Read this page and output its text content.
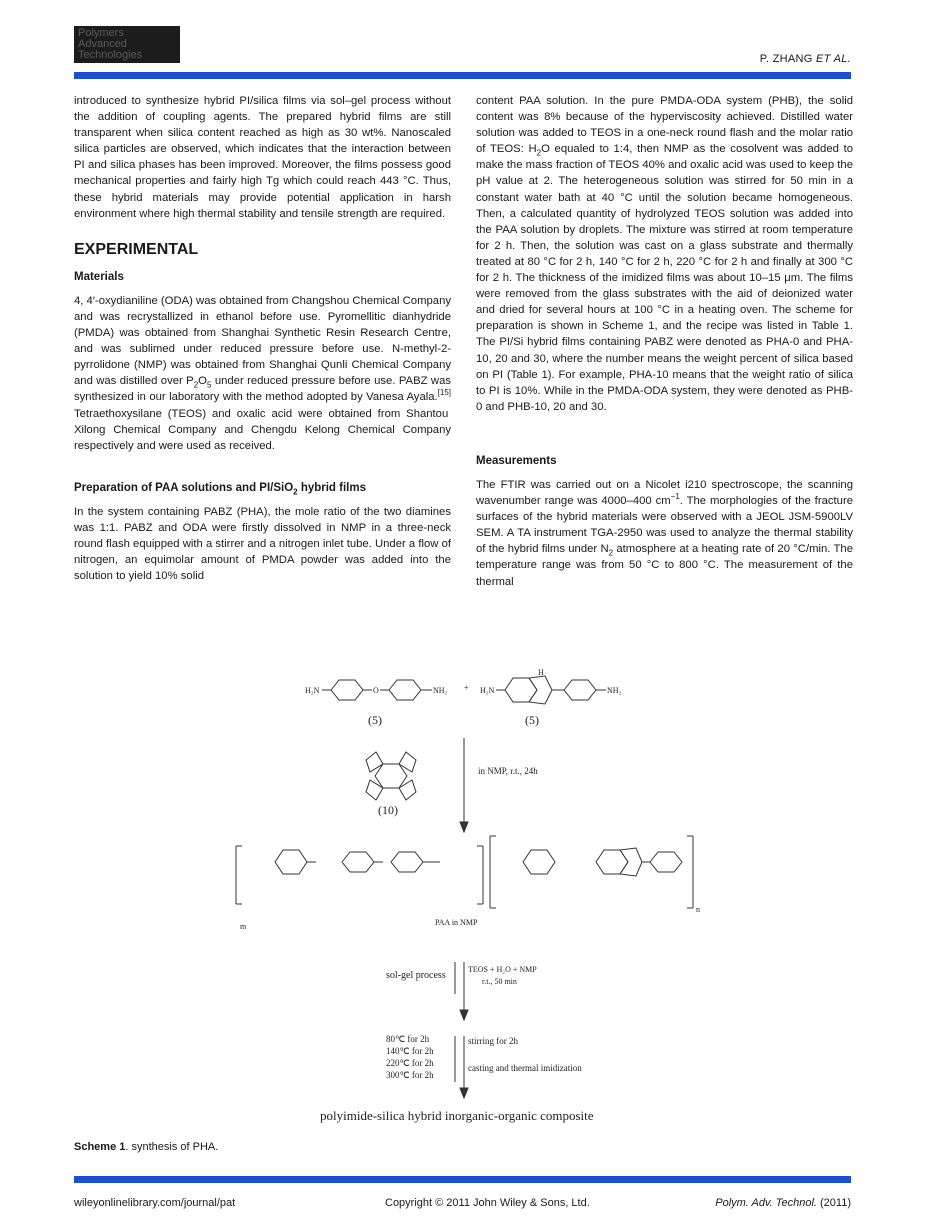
Polymers
Advanced
Technologies	P. ZHANG ET AL.

introduced to synthesize hybrid PI/silica films via sol–gel process without the addition of coupling agents. The prepared hybrid films are still transparent when silica content reached as high as 30 wt%. Nanoscaled silica particles are observed, which indicates that the interaction between PI and silica phases has been improved. Moreover, the films possess good mechanical properties and fairly high Tg which could reach 443 °C. Thus, these hybrid materials may provide potential application in harsh environment where high thermal stability and tensile strength are required.

EXPERIMENTAL
Materials

4, 4′-oxydianiline (ODA) was obtained from Changshou Chemical Company and was recrystallized in ethanol before use. Pyromellitic dianhydride (PMDA) was obtained from Shanghai Synthetic Resin Research Centre, and was sublimed under reduced pressure before use. N-methyl-2-pyrrolidone (NMP) was obtained from Shanghai Qunli Chemical Company and was distilled over $P_2O_5$ under reduced pressure before use. PABZ was synthesized in our laboratory with the method adopted by Vanesa Ayala.[15] Tetraethoxysilane (TEOS) and oxalic acid were obtained from Shantou Xilong Chemical Company and Chengdu Kelong Chemical Company respectively and were used as received.

Preparation of PAA solutions and PI/SiO$_2$ hybrid films

In the system containing PABZ (PHA), the mole ratio of the two diamines was 1:1. PABZ and ODA were firstly dissolved in NMP in a three-neck round flash equipped with a stirrer and a nitrogen inlet tube. Under a flow of nitrogen, an equimolar amount of PMDA powder was added into the solution to yield 10% solid

content PAA solution. In the pure PMDA-ODA system (PHB), the solid content was 8% because of the hyperviscosity achieved. Distilled water solution was added to TEOS in a one-neck round flash and the molar ratio of TEOS: $H_2O$ equaled to 1:4, then NMP as the cosolvent was added to make the mass fraction of TEOS 40% and oxalic acid was used to keep the pH value at 2. The heterogeneous solution was stirred for 50 min in a constant water bath at 40 °C until the solution became homogeneous. Then, a calculated quantity of hydrolyzed TEOS solution was added into the PAA solution by droplets. The mixture was stirred at room temperature for 2 h. Then, the solution was cast on a glass substrate and thermally treated at 80 °C for 2 h, 140 °C for 2 h, 220 °C for 2 h and finally at 300 °C for 2 h. The thickness of the imidized films was about 10–15 μm. The films were removed from the glass substrates with the aid of deionized water and dried for several hours at 100 °C in a heating oven. The scheme for preparation is shown in Scheme 1, and the recipe was listed in Table 1. The PI/Si hybrid films containing PABZ were denoted as PHA-0 and PHA-10, 20 and 30, where the number means the weight percent of silica based on PI (Table 1). For example, PHA-10 means that the weight ratio of silica to PI is 10%. While in the PMDA-ODA system, they were denoted as PHB-0 and PHB-10, 20 and 30.

Measurements

The FTIR was carried out on a Nicolet i210 spectroscope, the scanning wavenumber range was 4000–400 $cm^{-1}$. The morphologies of the fracture surfaces of the hybrid materials were observed with a JEOL JSM-5900LV SEM. A TA instrument TGA-2950 was used to analyze the thermal stability of the hybrid films under $N_2$ atmosphere at a heating rate of 20 °C/min. The temperature range was from 50 °C to 800 °C. The measurement of the thermal

H₂N	O	NH₂ + H₂N
H
NH₂
(5)	(5)
(10)
in NMP, r.t., 24h
m
n
PAA in NMP
sol-gel process
TEOS + H₂O + NMP
r.t., 50 min
80℃ for 2h
140℃ for 2h
220℃ for 2h
300℃ for 2h
stirring for 2h
casting and thermal imidization
polyimide-silica hybrid inorganic-organic composite
Scheme 1. synthesis of PHA.
wileyonlinelibrary.com/journal/pat	Copyright © 2011 John Wiley & Sons, Ltd.	Polym. Adv. Technol. (2011)
